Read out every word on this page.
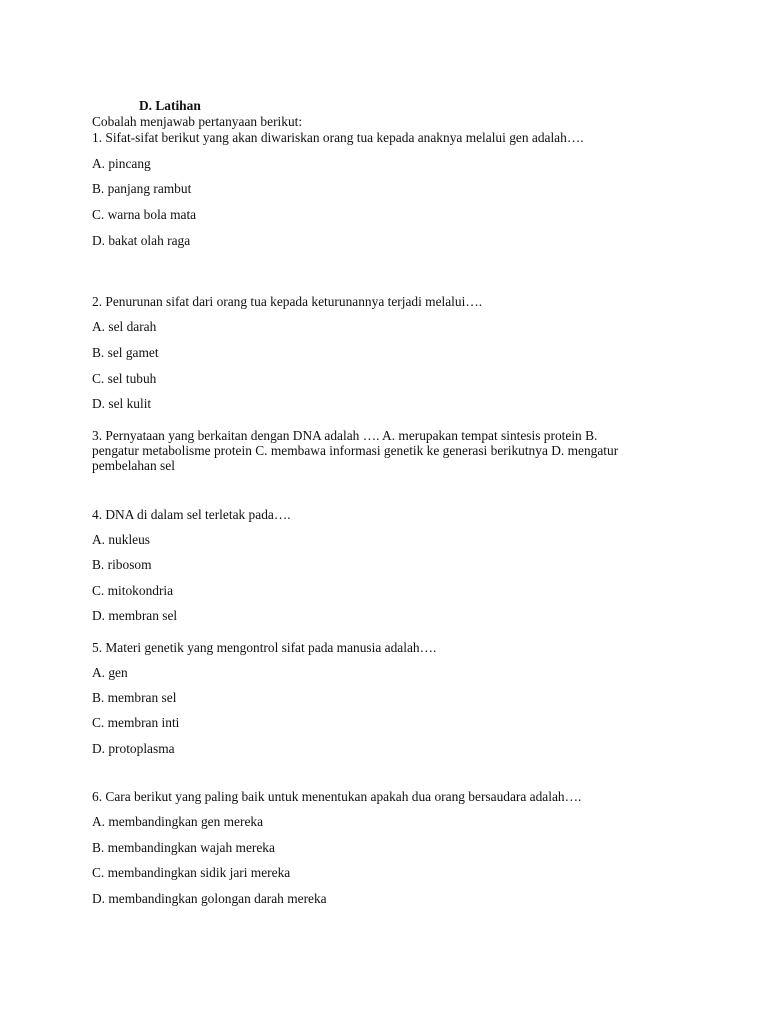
D. Latihan
Cobalah menjawab pertanyaan berikut:
1. Sifat-sifat berikut yang akan diwariskan orang tua kepada anaknya melalui gen adalah….
A. pincang
B. panjang rambut
C. warna bola mata
D. bakat olah raga
2. Penurunan sifat dari orang tua kepada keturunannya terjadi melalui….
A. sel darah
B. sel gamet
C. sel tubuh
D. sel kulit
3. Pernyataan yang berkaitan dengan DNA adalah …. A. merupakan tempat sintesis protein B.
pengatur metabolisme protein C. membawa informasi genetik ke generasi berikutnya D. mengatur
pembelahan sel
4. DNA di dalam sel terletak pada….
A. nukleus
B. ribosom
C. mitokondria
D. membran sel
5. Materi genetik yang mengontrol sifat pada manusia adalah….
A. gen
B. membran sel
C. membran inti
D. protoplasma
6. Cara berikut yang paling baik untuk menentukan apakah dua orang bersaudara adalah….
A. membandingkan gen mereka
B. membandingkan wajah mereka
C. membandingkan sidik jari mereka
D. membandingkan golongan darah mereka
